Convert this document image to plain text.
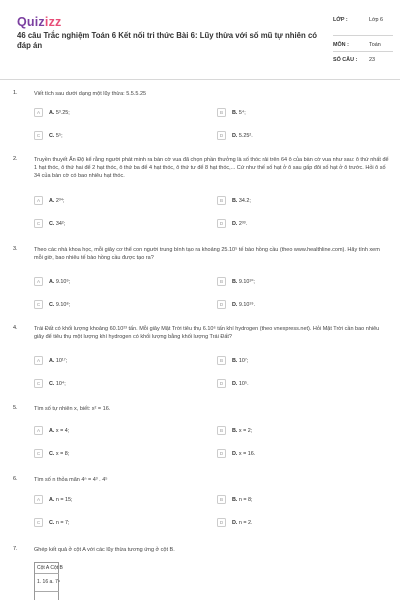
Quizizz
46 câu Trắc nghiệm Toán 6 Kết nối tri thức Bài 6: Lũy thừa với số mũ tự nhiên có đáp án
LỚP :	Lớp 6
MÔN :	Toán
SỐ CÂU : 23
1.	Viết tích sau dưới dạng một lũy thừa: 5.5.5.25
A	A. 5³.25;	B	B. 5⁴;
C	C. 5⁵;	D	D. 5.25².
2.	Truyền thuyết Ấn Độ kể rằng người phát minh ra bàn cờ vua đã chọn phần thưởng là số thóc rải trên 64 ô của bàn cờ vua như sau: ô thứ nhất để 1 hạt thóc, ô thứ hai để 2 hạt thóc, ô thứ ba để 4 hạt thóc, ô thứ tư để 8 hạt thóc,... Cứ như thế số hạt ở ô sau gấp đôi số hạt ở ô trước. Hỏi ô số 34 của bàn cờ có bao nhiêu hạt thóc.
A	A. 2³⁴;	B	B. 34.2;
C	C. 34²;	D	D. 2³³.
3.	Theo các nhà khoa học, mỗi giây cơ thể con người trung bình tạo ra khoảng 25.10⁵ tế bào hồng cầu (theo www.healthline.com). Hãy tính xem mỗi giờ, bao nhiêu tế bào hồng cầu được tạo ra?
A	A. 9.10⁹;	B	B. 9.10¹⁰;
C	C. 9.10⁸;	D	D. 9.10¹⁹.
4.	Trái Đất có khối lượng khoảng 60.10²³ tấn. Mỗi giây Mặt Trời tiêu thụ 6.10⁶ tấn khí hydrogen (theo vnexpress.net). Hỏi Mặt Trời cần bao nhiêu giây để tiêu thụ một lượng khí hydrogen có khối lượng bằng khối lượng Trái Đất?
A	A. 10¹⁷;	B	B. 10⁷;
C	C. 10⁴;	D	D. 10⁵.
5.	Tìm số tự nhiên x, biết: x² = 16.
A	A. x = 4;	B	B. x = 2;
C	C. x = 8;	D	D. x = 16.
6.	Tìm số n thỏa mãn 4ⁿ = 4³ . 4⁵
A	A. n = 15;	B	B. n = 8;
C	C. n = 7;	D	D. n = 2.
7.	Ghép kết quả ở cột A với các lũy thừa tương ứng ở cột B.
Cột A Cột B
1. 16 a. 7⁴
